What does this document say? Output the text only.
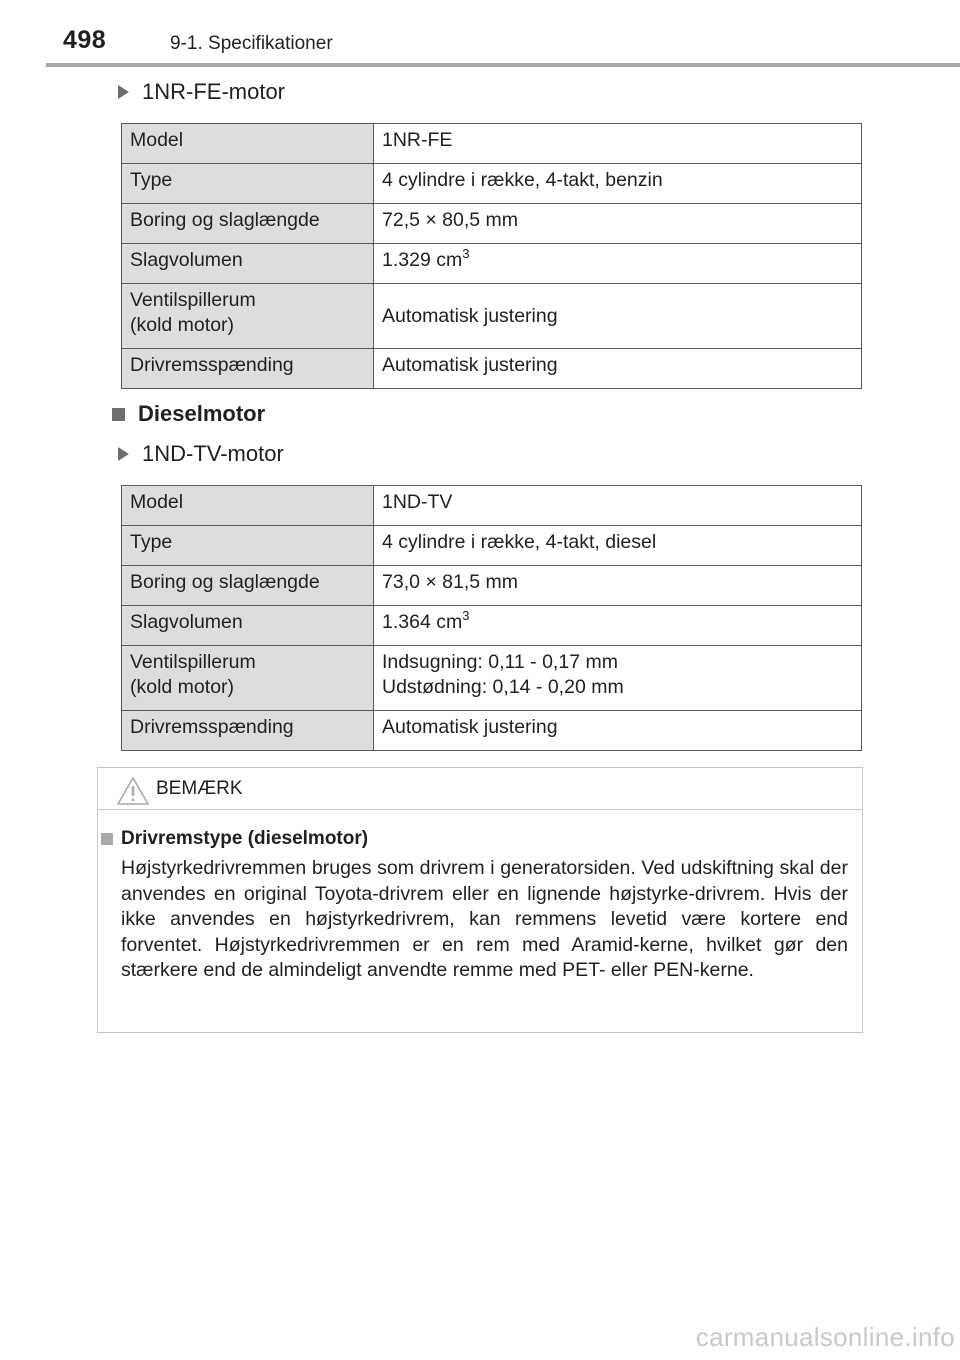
498	9-1. Specifikationer
1NR-FE-motor
Model	1NR-FE
Type	4 cylindre i række, 4-takt, benzin
Boring og slaglængde	72,5 × 80,5 mm
Slagvolumen	1.329 $cm^3$
Ventilspillerum
(kold motor)	Automatisk justering
Drivremsspænding	Automatisk justering
Dieselmotor
1ND-TV-motor
Model	1ND-TV
Type	4 cylindre i række, 4-takt, diesel
Boring og slaglængde	73,0 × 81,5 mm
Slagvolumen	1.364 $cm^3$
Ventilspillerum
(kold motor)	Indsugning: 0,11 - 0,17 mm
Udstødning: 0,14 - 0,20 mm
Drivremsspænding	Automatisk justering
BEMÆRK
Drivremstype (dieselmotor)
Højstyrkedrivremmen bruges som drivrem i generatorsiden. Ved udskiftning skal der anvendes en original Toyota-drivrem eller en lignende højstyrke-drivrem. Hvis der ikke anvendes en højstyrkedrivrem, kan remmens levetid være kortere end forventet. Højstyrkedrivremmen er en rem med Aramid-kerne, hvilket gør den stærkere end de almindeligt anvendte remme med PET- eller PEN-kerne.
carmanualsonline.info
